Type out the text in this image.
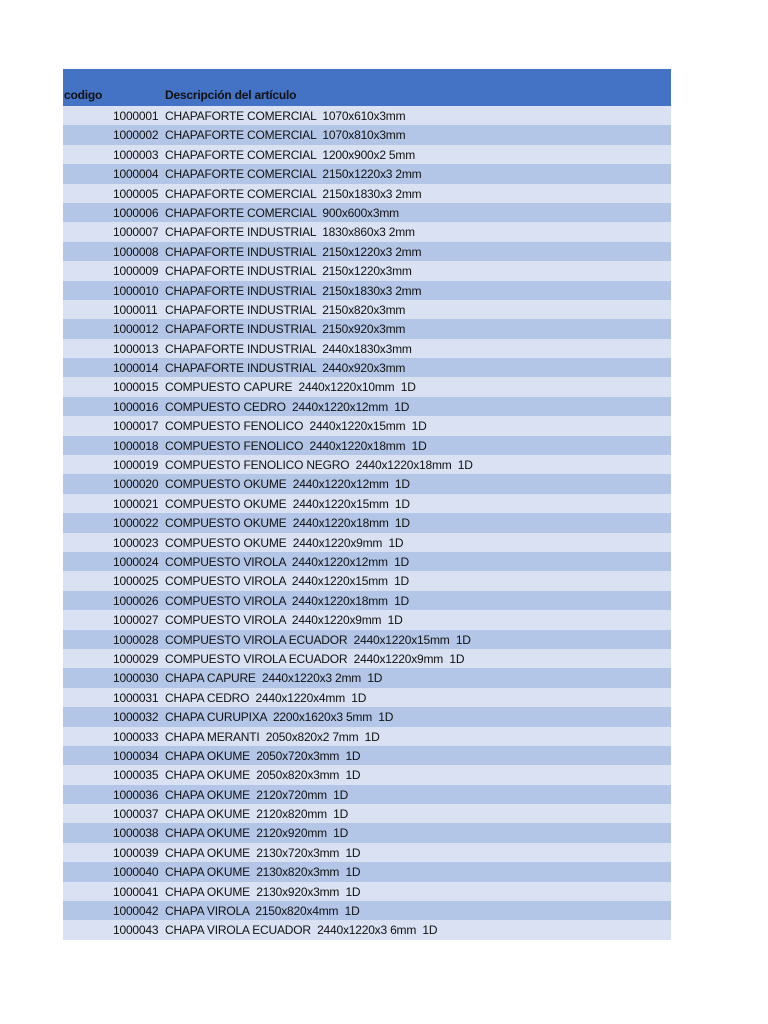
codigo	Descripción del artículo
1000001 CHAPAFORTE COMERCIAL  1070x610x3mm
1000002 CHAPAFORTE COMERCIAL  1070x810x3mm
1000003 CHAPAFORTE COMERCIAL  1200x900x2 5mm
1000004 CHAPAFORTE COMERCIAL  2150x1220x3 2mm
1000005 CHAPAFORTE COMERCIAL  2150x1830x3 2mm
1000006 CHAPAFORTE COMERCIAL  900x600x3mm
1000007 CHAPAFORTE INDUSTRIAL  1830x860x3 2mm
1000008 CHAPAFORTE INDUSTRIAL  2150x1220x3 2mm
1000009 CHAPAFORTE INDUSTRIAL  2150x1220x3mm
1000010 CHAPAFORTE INDUSTRIAL  2150x1830x3 2mm
1000011 CHAPAFORTE INDUSTRIAL  2150x820x3mm
1000012 CHAPAFORTE INDUSTRIAL  2150x920x3mm
1000013 CHAPAFORTE INDUSTRIAL  2440x1830x3mm
1000014 CHAPAFORTE INDUSTRIAL  2440x920x3mm
1000015 COMPUESTO CAPURE  2440x1220x10mm  1D
1000016 COMPUESTO CEDRO  2440x1220x12mm  1D
1000017 COMPUESTO FENOLICO  2440x1220x15mm  1D
1000018 COMPUESTO FENOLICO  2440x1220x18mm  1D
1000019 COMPUESTO FENOLICO NEGRO  2440x1220x18mm  1D
1000020 COMPUESTO OKUME  2440x1220x12mm  1D
1000021 COMPUESTO OKUME  2440x1220x15mm  1D
1000022 COMPUESTO OKUME  2440x1220x18mm  1D
1000023 COMPUESTO OKUME  2440x1220x9mm  1D
1000024 COMPUESTO VIROLA  2440x1220x12mm  1D
1000025 COMPUESTO VIROLA  2440x1220x15mm  1D
1000026 COMPUESTO VIROLA  2440x1220x18mm  1D
1000027 COMPUESTO VIROLA  2440x1220x9mm  1D
1000028 COMPUESTO VIROLA ECUADOR  2440x1220x15mm  1D
1000029 COMPUESTO VIROLA ECUADOR  2440x1220x9mm  1D
1000030 CHAPA CAPURE  2440x1220x3 2mm  1D
1000031 CHAPA CEDRO  2440x1220x4mm  1D
1000032 CHAPA CURUPIXA  2200x1620x3 5mm  1D
1000033 CHAPA MERANTI  2050x820x2 7mm  1D
1000034 CHAPA OKUME  2050x720x3mm  1D
1000035 CHAPA OKUME  2050x820x3mm  1D
1000036 CHAPA OKUME  2120x720mm  1D
1000037 CHAPA OKUME  2120x820mm  1D
1000038 CHAPA OKUME  2120x920mm  1D
1000039 CHAPA OKUME  2130x720x3mm  1D
1000040 CHAPA OKUME  2130x820x3mm  1D
1000041 CHAPA OKUME  2130x920x3mm  1D
1000042 CHAPA VIROLA  2150x820x4mm  1D
1000043 CHAPA VIROLA ECUADOR  2440x1220x3 6mm  1D
